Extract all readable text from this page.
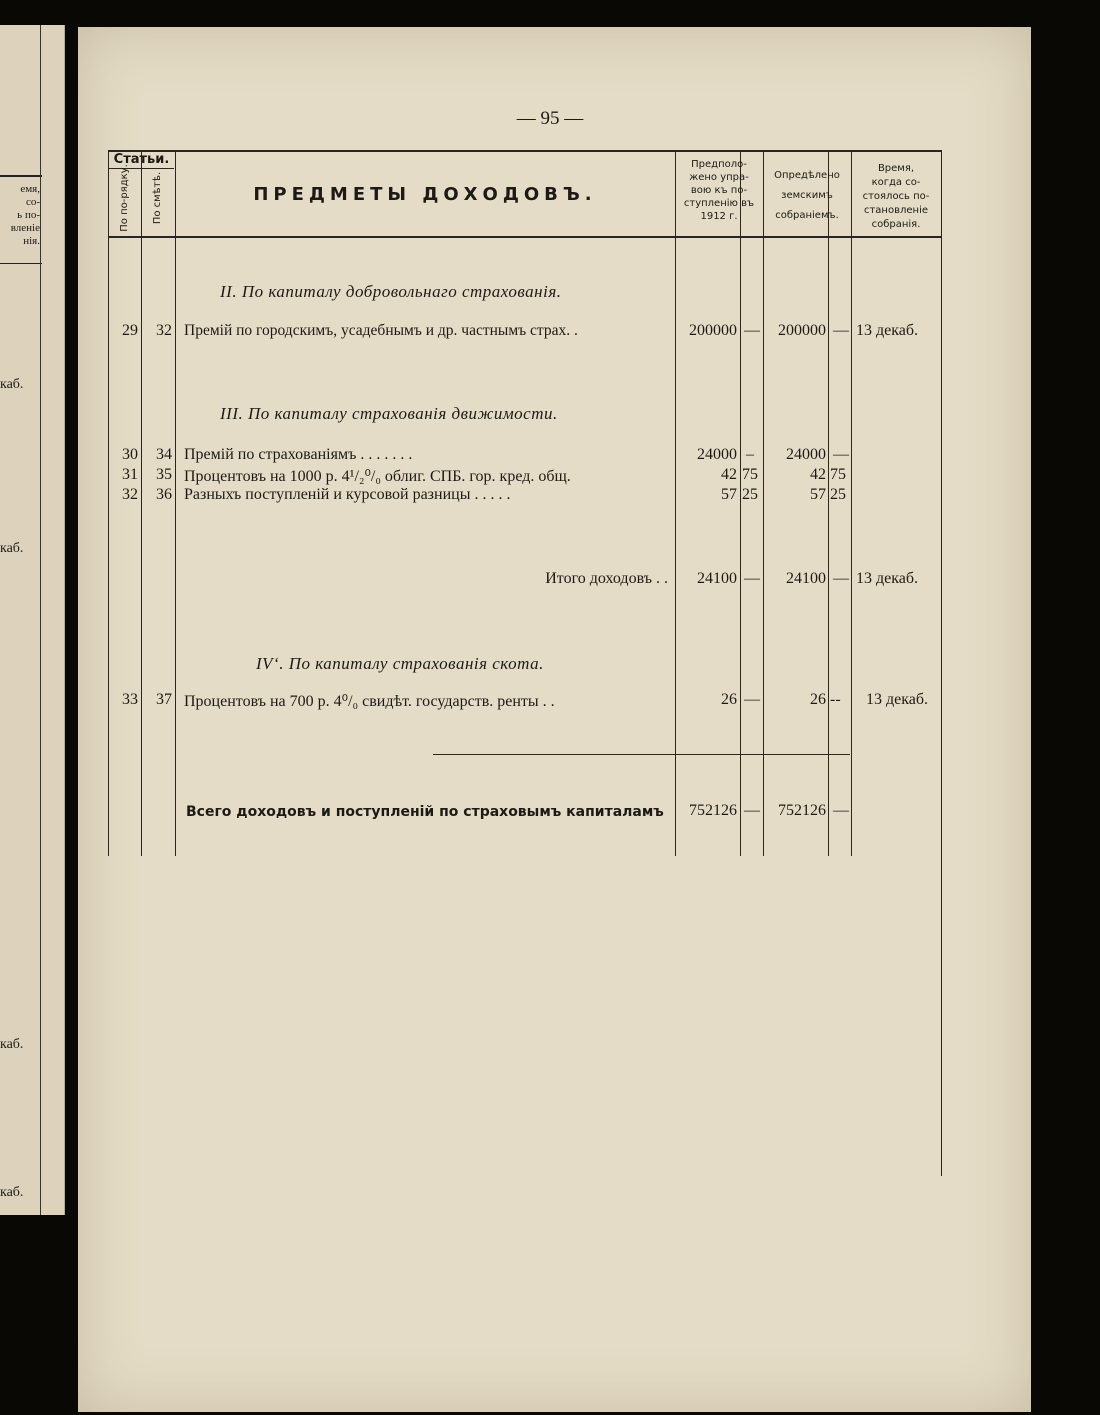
емя,
со-
ь по-
вленіе
нія.
каб.
каб.
каб.
каб.
— 95 —
Статьи.
По по-рядку. По смѣтѣ.	ПРЕДМЕТЫ ДОХОДОВЪ.
Предполо-
жено упра-
вою къ по-
ступленію въ
1912 г.
Опредѣлено
земскимъ
собраніемъ.
Время,
когда со-
стоялось по-
становленіе
собранія.
II. По капиталу добровольнаго страхованія.
III. По капиталу страхованія движимости.
IVʻ. По капиталу страхованія скота.
29	32 Премій по городскимъ, усадебнымъ и др. частнымъ страх. .	200000 —	200000 — 13 декаб.
30	34 Премій по страхованіямъ . . . . . . .	24000 –	24000 —
31	35 Процентовъ на 1000 р. 4¹/₂⁰/₀ облиг. СПБ. гор. кред. общ.	42 75	42 75
32	36 Разныхъ поступленій и курсовой разницы . . . . .	57 25	57 25
Итого доходовъ . .	24100 —	24100 — 13 декаб.
33	37 Процентовъ на 700 р. 4⁰/₀ свидѣт. государств. ренты . .	26 —	26 -- 13 декаб.
Всего доходовъ и поступленій по страховымъ капиталамъ	752126 —	752126 —
